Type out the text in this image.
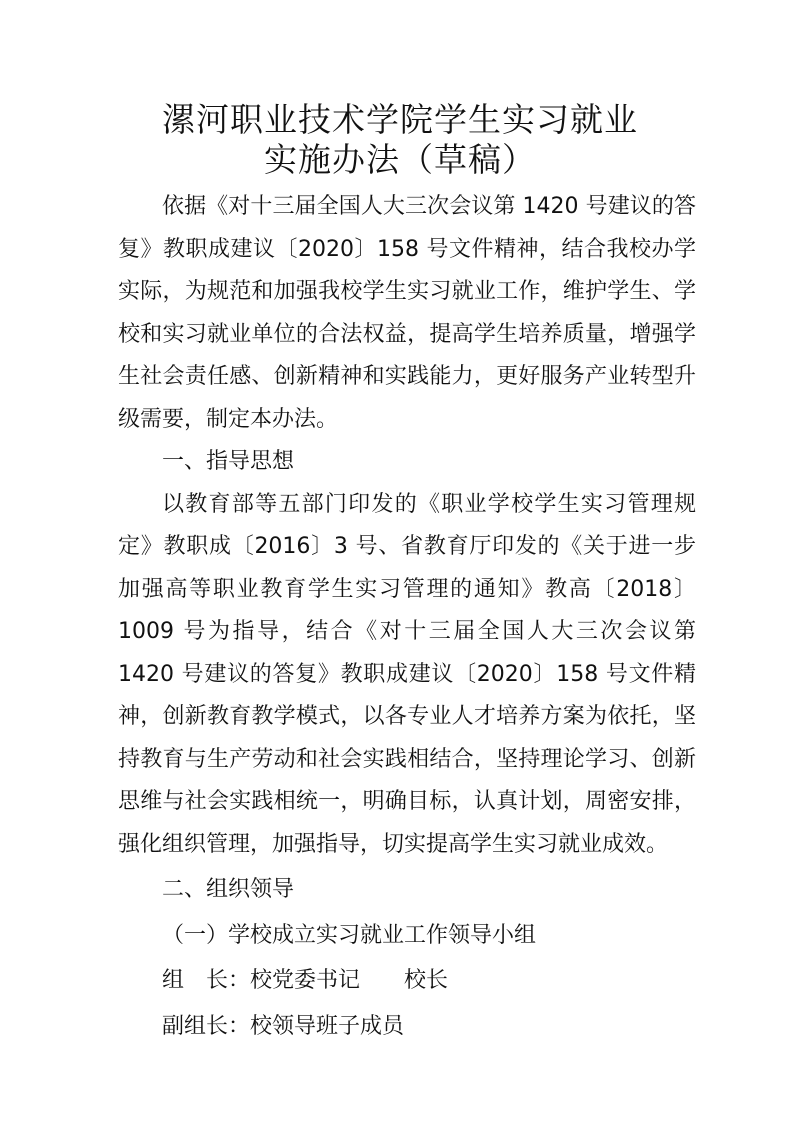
漯河职业技术学院学生实习就业
实施办法（草稿）

依据《对十三届全国人大三次会议第 1420 号建议的答复》教职成建议〔2020〕158 号文件精神，结合我校办学实际，为规范和加强我校学生实习就业工作，维护学生、学校和实习就业单位的合法权益，提高学生培养质量，增强学生社会责任感、创新精神和实践能力，更好服务产业转型升级需要，制定本办法。

一、指导思想

以教育部等五部门印发的《职业学校学生实习管理规定》教职成〔2016〕3 号、省教育厅印发的《关于进一步加强高等职业教育学生实习管理的通知》教高〔2018〕1009 号为指导，结合《对十三届全国人大三次会议第 1420 号建议的答复》教职成建议〔2020〕158 号文件精神，创新教育教学模式，以各专业人才培养方案为依托，坚持教育与生产劳动和社会实践相结合，坚持理论学习、创新思维与社会实践相统一，明确目标，认真计划，周密安排，强化组织管理，加强指导，切实提高学生实习就业成效。

二、组织领导

（一）学校成立实习就业工作领导小组

组　长：校党委书记　　校长

副组长：校领导班子成员
